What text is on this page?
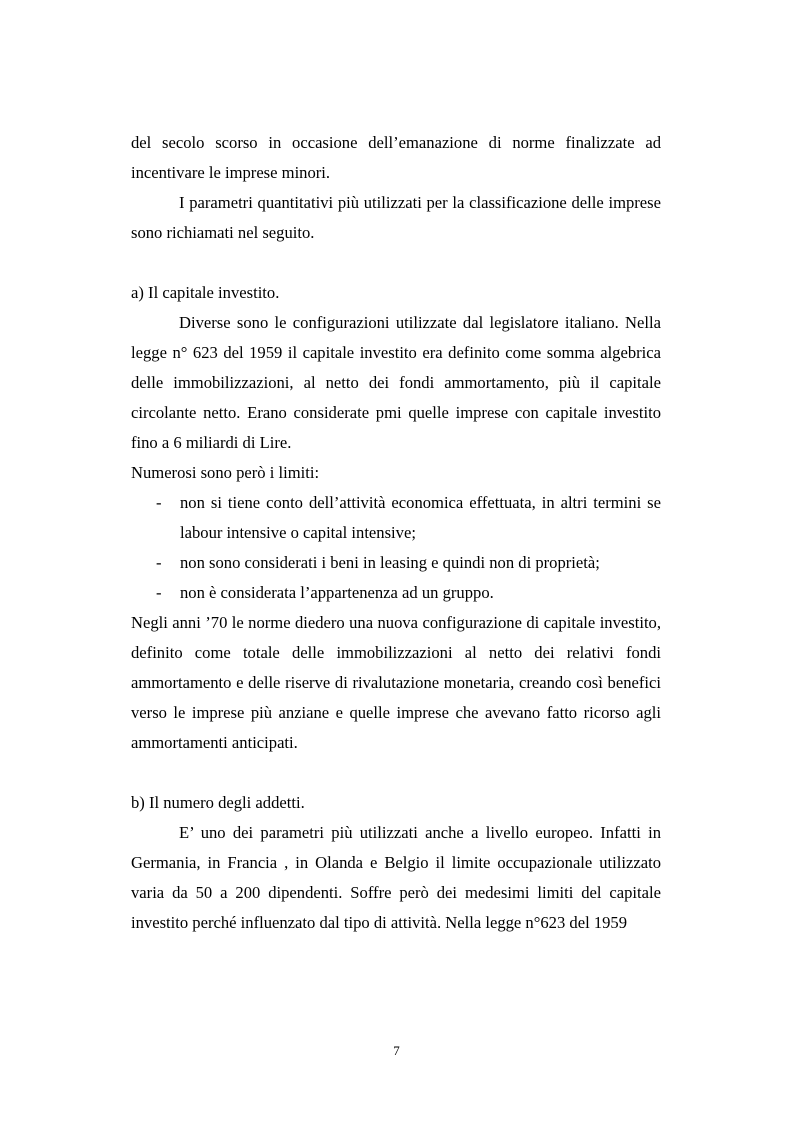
del secolo scorso in occasione dell’emanazione di norme finalizzate ad incentivare le imprese minori.

I parametri quantitativi più utilizzati per la classificazione delle imprese sono richiamati nel seguito.

a) Il capitale investito.

Diverse sono le configurazioni utilizzate dal legislatore italiano. Nella legge n° 623 del 1959 il capitale investito era definito come somma algebrica delle immobilizzazioni, al netto dei fondi ammortamento, più il capitale circolante netto. Erano considerate pmi quelle imprese con capitale investito fino a 6 miliardi di Lire.

Numerosi sono però i limiti:

- non si tiene conto dell’attività economica effettuata, in altri termini se labour intensive o capital intensive;
- non sono considerati i beni in leasing e quindi non di proprietà;
- non è considerata l’appartenenza ad un gruppo.

Negli anni ’70 le norme diedero una nuova configurazione di capitale investito, definito come totale delle immobilizzazioni al netto dei relativi fondi ammortamento e delle riserve di rivalutazione monetaria, creando così benefici verso le imprese più anziane e quelle imprese che avevano fatto ricorso agli ammortamenti anticipati.

b) Il numero degli addetti.

E’ uno dei parametri più utilizzati anche a livello europeo. Infatti in Germania, in Francia , in Olanda e Belgio il limite occupazionale utilizzato varia da 50 a 200 dipendenti. Soffre però dei medesimi limiti del capitale investito perché influenzato dal tipo di attività. Nella legge n°623 del 1959

7
